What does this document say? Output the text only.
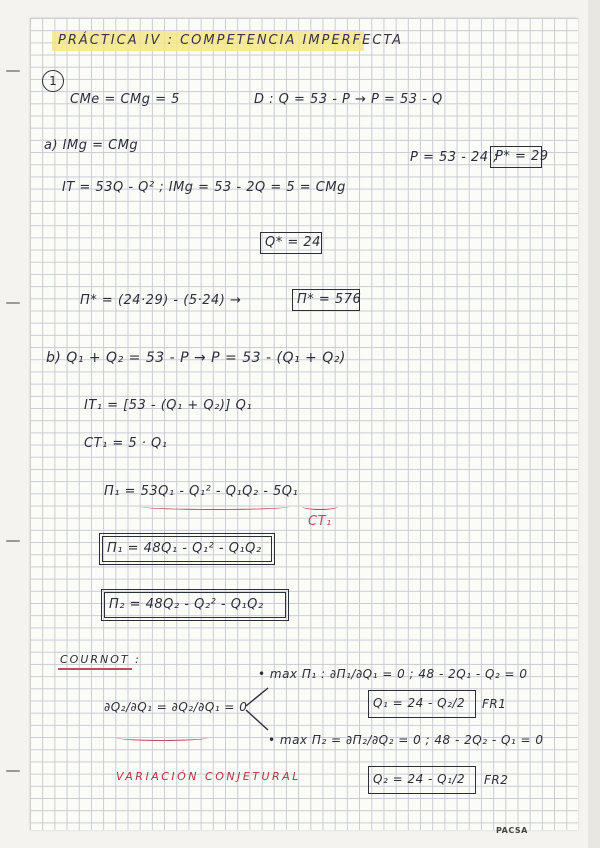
PRÁCTICA IV : COMPETENCIA IMPERFECTA
1
CMe = CMg = 5	D : Q = 53 - P → P = 53 - Q
a) IMg = CMg
P = 53 - 24 ;
P* = 29
IT = 53Q - Q² ; IMg = 53 - 2Q = 5 = CMg
Q* = 24
Π* = (24·29) - (5·24) →	Π* = 576
b) Q₁ + Q₂ = 53 - P → P = 53 - (Q₁ + Q₂)
IT₁ = [53 - (Q₁ + Q₂)] Q₁
CT₁ = 5 · Q₁
Π₁ = 53Q₁ - Q₁² - Q₁Q₂ - 5Q₁
CT₁
Π₁ = 48Q₁ - Q₁² - Q₁Q₂
Π₂ = 48Q₂ - Q₂² - Q₁Q₂
COURNOT :
∂Q₂/∂Q₁ = ∂Q₂/∂Q₁ = 0
• max Π₁ : ∂Π₁/∂Q₁ = 0 ; 48 - 2Q₁ - Q₂ = 0
Q₁ = 24 - Q₂/2 FR1
• max Π₂ = ∂Π₂/∂Q₂ = 0 ; 48 - 2Q₂ - Q₁ = 0
Q₂ = 24 - Q₁/2 FR2
VARIACIÓN CONJETURAL
PACSA
